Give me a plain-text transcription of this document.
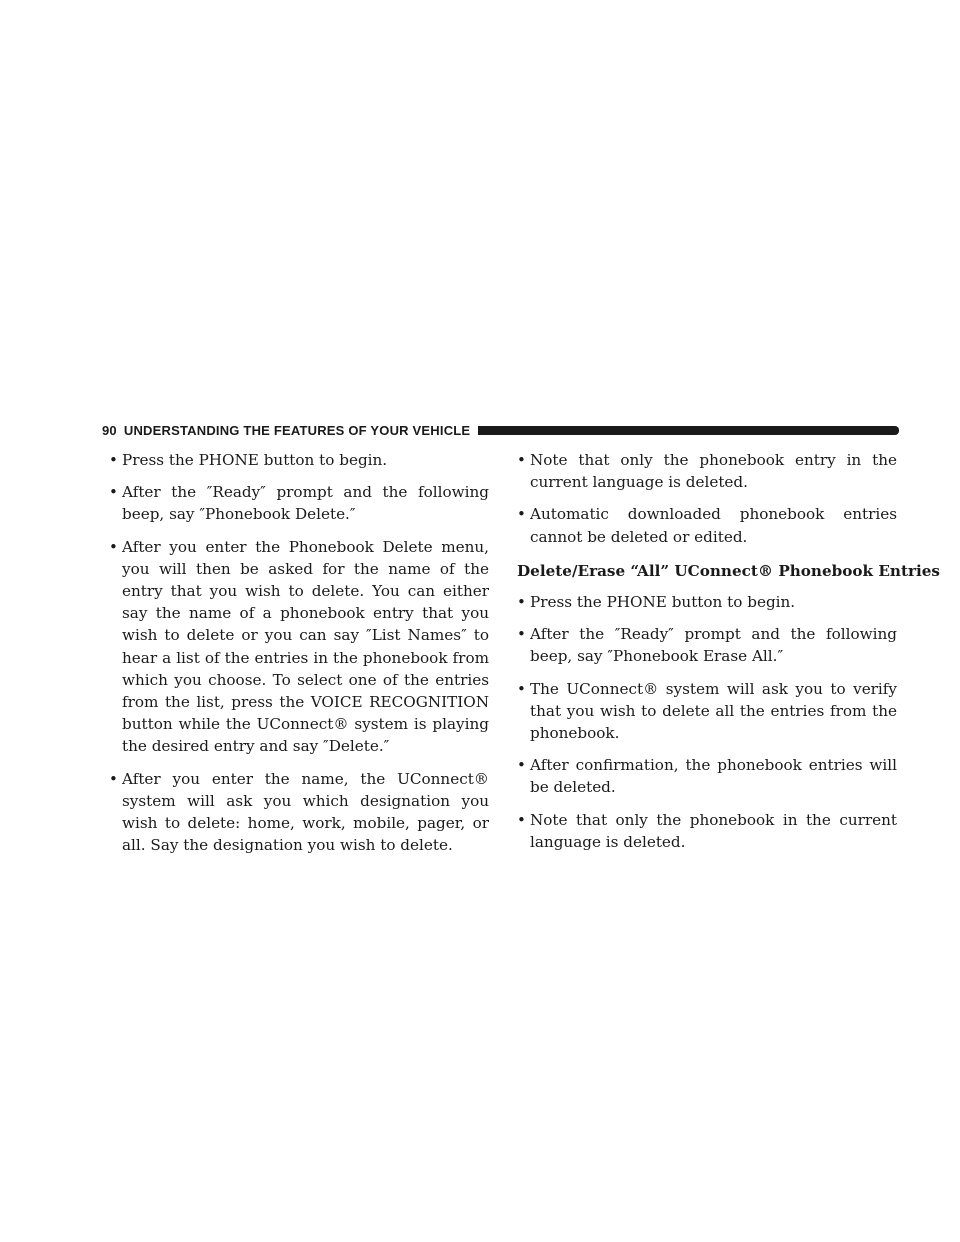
90 UNDERSTANDING THE FEATURES OF YOUR VEHICLE
• Press the PHONE button to begin.
• After the ″Ready″ prompt and the following beep, say ″Phonebook Delete.″
• After you enter the Phonebook Delete menu, you will then be asked for the name of the entry that you wish to delete. You can either say the name of a phonebook entry that you wish to delete or you can say ″List Names″ to hear a list of the entries in the phonebook from which you choose. To select one of the entries from the list, press the VOICE RECOGNITION button while the UConnect® system is playing the desired entry and say ″Delete.″
• After you enter the name, the UConnect® system will ask you which designation you wish to delete: home, work, mobile, pager, or all. Say the designation you wish to delete.
• Note that only the phonebook entry in the current language is deleted.
• Automatic downloaded phonebook entries cannot be deleted or edited.
Delete/Erase “All” UConnect® Phonebook Entries
• Press the PHONE button to begin.
• After the ″Ready″ prompt and the following beep, say ″Phonebook Erase All.″
• The UConnect® system will ask you to verify that you wish to delete all the entries from the phonebook.
• After confirmation, the phonebook entries will be deleted.
• Note that only the phonebook in the current language is deleted.
